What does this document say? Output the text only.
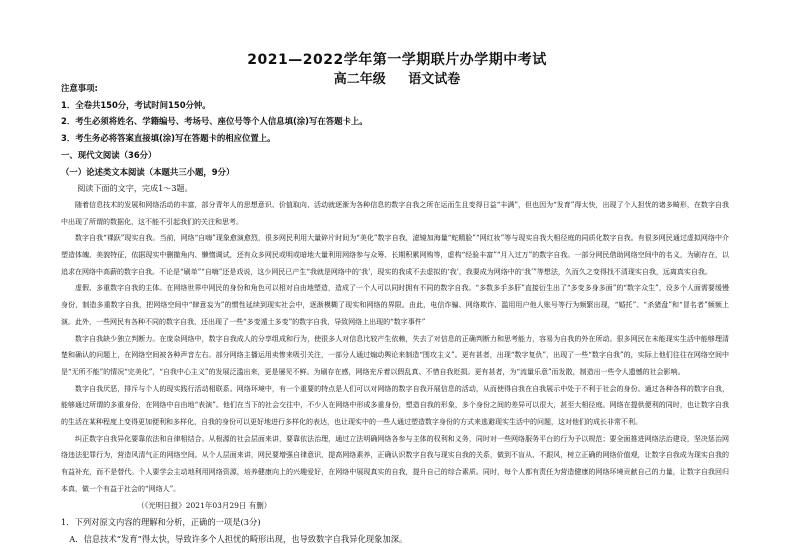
2021—2022学年第一学期联片办学期中考试
高二年级 语文试卷
注意事项:
1．全卷共150分，考试时间150分钟。
2．考生必须将姓名、学籍编号、考场号、座位号等个人信息填(涂)写在答题卡上。
3．考生务必将答案直接填(涂)写在答题卡的相应位置上。
一、现代文阅读（36分）
（一）论述类文本阅读（本题共三小题，9分）
阅读下面的文字，完成1～3题。

随着信息技术的发展和网络活动的丰富，部分青年人的思想意识、价值取向、活动就逐渐为各种信息的数字自我之所在运而生且变得日益“丰满”，但也因为“发育”得太快，出现了个人担忧的诸多畸形，在数字自我中出现了所谓的数据化，这不能不引起我们的关注和思考。

数字自我“裸跃”现实自我。当前，网络“自嗨”现象愈演愈烈，很多网民利用大量碎片时间为“美化”数字自我，滤镜加海量“蛇精脸”“网红妆”等与现实自我大相径庭的同质化数字自我。有很多网民通过虚拟网络中介塑造体魄、美貌特征，依据现实中删撤角内、懒惰调试，还有众多网民或明或暗地大量利用网络参与众筹、长期积累网购等，虚构“经验丰富”“月入过万”的数字自我。一部分网民借助网络空间中的名义，为刷存在，以追求在网络中高薪的数字自我。不论是“刷单”“自嗨”还是戏说，这少网民已产生“我就是网络中的‘我’，现实的我成不去虚拟的‘我’，我要成为网络中的‘我’”等想法，久而久之变得找不清现实自我，远离真实自我。

虚假、多重数字自我的主体。在网络世界中网民的身份和角色可以相对自由地塑造，造成了一个人可以同时拥有不同的数字自我。“多数多手多肝”直接衍生出了“多变多身多面”的“数字众生”，设多个人面需要缓慢身份，制造多重数字自我，把网络空间中“肆意妄为”的惯性延续到现实社会中，逐渐模糊了现实和网络的界限。由此，电信诈骗、网络欺诈、滥用用户他人账号等行为频繁出现，“婚托”、“杀猪盘”和“冒名者”频频上演。此外，一些网民有各种不同的数字自我，还出现了一些“多变遁土多变”的数字自我，导致网络上出现的“数字事件”

数字自我缺少独立判断力。在庞杂网络中，数字自我成人的分享组成和行为，使很多人对信息比较产生依赖，失去了对信息的正确判断力和思考能力，容易为自我的外在所动。很多网民在未能现实生活中能够理清楚和确认的问题上，在网络空间被各种声音左右。部分网络主播运用卖惨来吸引关注，一部分人通过煽动舆论来制造“围攻主义”。更有甚者，出现“数字复仇”，出现了一些“数字自我”的，实际上他们往往在网络空间中是“无所不能”的情况“完美化”，“自我中心主义”的发展泛滥出来，更是屡见不鲜。为刷存在感，网络充斥着以假乱真、不惜自我贬损。更有甚者，为“流量乐意”而发散，制造出一些令人遗憾的社会影响。

数字自我厌恶，排斥与个人的现实践行活动相联系。网络环境中，有一个重要的特点是人们可以对网络的数字自我开展信息的活动，从而使得自我在自我展示中处于不利于社会的身份。通过各种各样的数字自我，能够通过所谓的多重身份，在网络中自由地“表演”。他们在当下的社会交往中，不少人在网络中形成多重身份，塑造自我的形象，多个身份之间的差异可以很大，甚至大相径庭。网络在提供便利的同时，也让数字自我的生活在某种程度上变得更加便利和多样化，自我的身份可以更好地进行多样化的表达，也让现实中的一些人通过塑造数字身份的方式来逃避现实生活中的问题，这对他们的成长非常不利。

纠正数字自我异化要靠依法和自律相结合。从根源的社会层面来讲，要靠依法治理，通过立法明确网络各参与主体的权利和义务，同时对一些网络服务平台的行为予以规范；要全面推进网络法治建设，坚决惩治网络违法犯罪行为，营造风清气正的网络空间。从个人层面来讲，网民要增强自律意识，提高网络素养，正确认识数字自我与现实自我的关系，做到不盲从、不跟风，树立正确的网络价值观，让数字自我成为现实自我的有益补充，而不是替代。个人要学会主动地利用网络资源，培养健康向上的兴趣爱好，在网络中展现真实的自我，提升自己的综合素质。同时，每个人都有责任为营造健康的网络环境贡献自己的力量，让数字自我回归本真，做一个有益于社会的“网络人”。

（《光明日报》2021年03月29日 有删）
1．下列对原文内容的理解和分析，正确的一项是(3分)
A．信息技术“发育”得太快，导致许多个人担忧的畸形出现，也导致数字自我异化现象加深。
